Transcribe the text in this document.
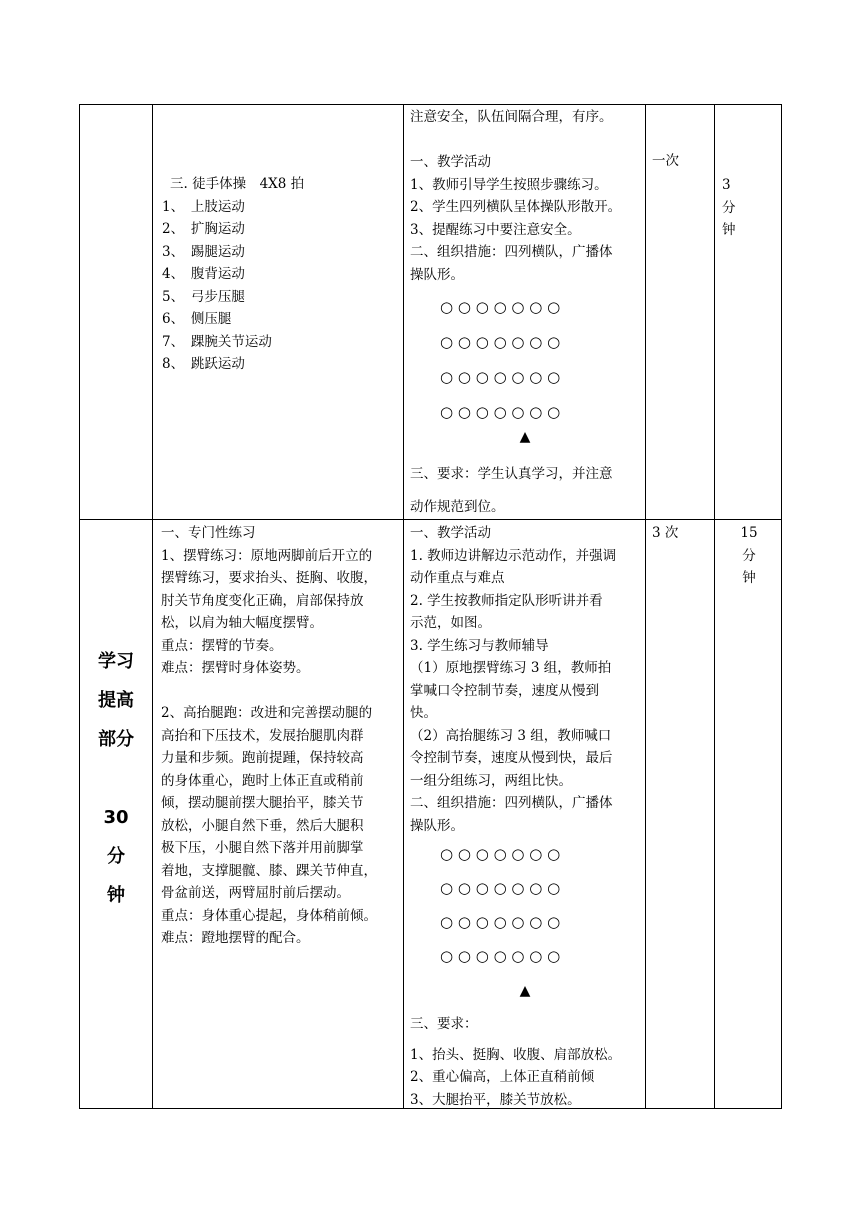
三. 徒手体操　4X8 拍
1、　上肢运动
2、　扩胸运动
3、　踢腿运动
4、　腹背运动
5、　弓步压腿
6、　侧压腿
7、　踝腕关节运动
8、　跳跃运动
注意安全，队伍间隔合理，有序。
一、教学活动
1、教师引导学生按照步骤练习。
2、学生四列横队呈体操队形散开。
3、提醒练习中要注意安全。
二、组织措施：四列横队，广播体
操队形。
○ ○ ○ ○ ○ ○ ○
○ ○ ○ ○ ○ ○ ○
○ ○ ○ ○ ○ ○ ○
○ ○ ○ ○ ○ ○ ○
▲
三、要求：学生认真学习，并注意
动作规范到位。
一次
3
分
钟
学习
提高
部分
30
分
钟
一、专门性练习
1、摆臂练习：原地两脚前后开立的
摆臂练习，要求抬头、挺胸、收腹，
肘关节角度变化正确，肩部保持放
松，以肩为轴大幅度摆臂。
重点：摆臂的节奏。
难点：摆臂时身体姿势。
2、高抬腿跑：改进和完善摆动腿的
高抬和下压技术，发展抬腿肌肉群
力量和步频。跑前提踵，保持较高
的身体重心，跑时上体正直或稍前
倾，摆动腿前摆大腿抬平，膝关节
放松，小腿自然下垂，然后大腿积
极下压，小腿自然下落并用前脚掌
着地，支撑腿髋、膝、踝关节伸直，
骨盆前送，两臂屈肘前后摆动。
重点：身体重心提起，身体稍前倾。
难点：蹬地摆臂的配合。
一、教学活动
1. 教师边讲解边示范动作，并强调
动作重点与难点
2. 学生按教师指定队形听讲并看
示范，如图。
3. 学生练习与教师辅导
（1）原地摆臂练习 3 组，教师拍
掌喊口令控制节奏，速度从慢到
快。
（2）高抬腿练习 3 组，教师喊口
令控制节奏，速度从慢到快，最后
一组分组练习，两组比快。
二、组织措施：四列横队，广播体
操队形。
○ ○ ○ ○ ○ ○ ○
○ ○ ○ ○ ○ ○ ○
○ ○ ○ ○ ○ ○ ○
○ ○ ○ ○ ○ ○ ○
▲
三、要求：
1、抬头、挺胸、收腹、肩部放松。
2、重心偏高，上体正直稍前倾
3、大腿抬平，膝关节放松。
3 次	15
分
钟
